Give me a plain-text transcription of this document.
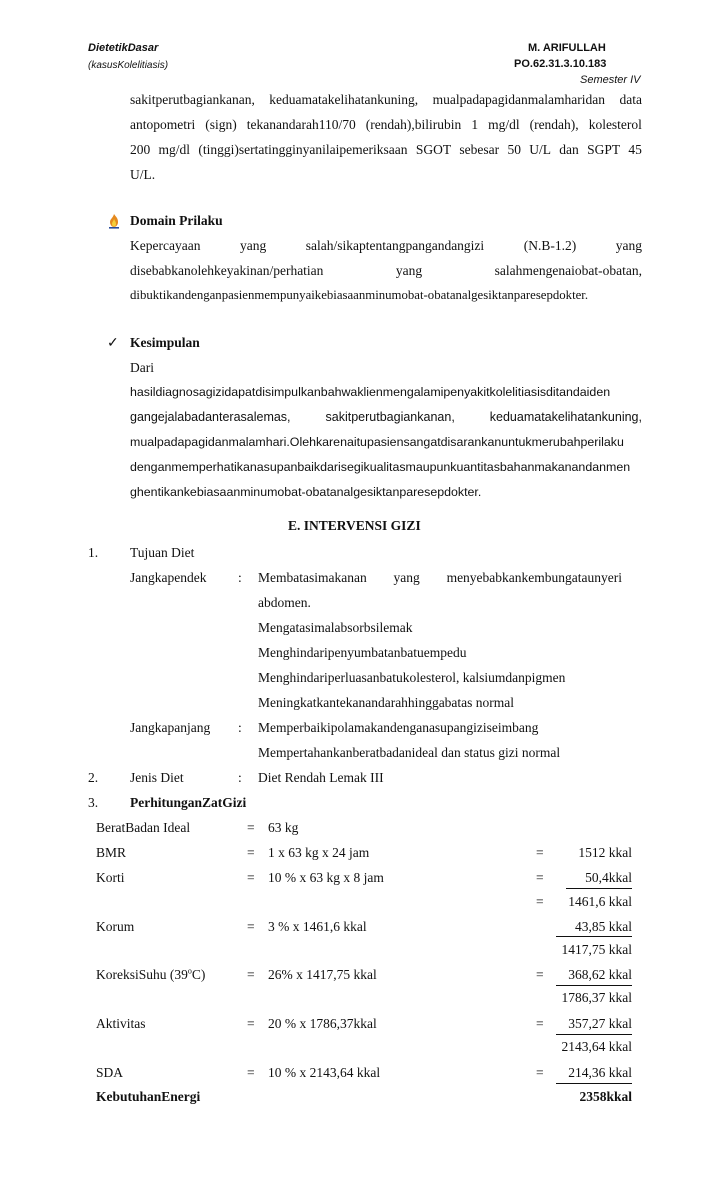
DietetikDasar
(kasusKolelitiasis)
M. ARIFULLAH
PO.62.31.3.10.183
Semester IV
sakitperutbagiankanan, keduamatakelihatankuning, mualpadapagidanmalamharidan data
antopometri (sign) tekanandarah110/70 (rendah),bilirubin 1 mg/dl (rendah), kolesterol
200 mg/dl (tinggi)sertatingginyanilaipemeriksaan SGOT sebesar 50 U/L dan SGPT 45
U/L.
Domain Prilaku
Kepercayaan	yang	salah/sikaptentangpangandangizi	(N.B-1.2)	yang
disebabkanolehkeyakinan/perhatian	yang	salahmengenaiobat-obatan,
dibuktikandenganpasienmempunyaikebiasaanminumobat-obatanalgesiktanparesepdokter.
✓ Kesimpulan
Dari
hasildiagnosagizidapatdisimpulkanbahwaklienmengalamipenyakitkolelitiasisditandaiden
gangejalabadanterasalemas,	sakitperutbagiankanan,	keduamatakelihatankuning,
mualpadapagidanmalamhari.Olehkarenaitupasiensangatdisarankanuntukmerubahperilaku
denganmemperhatikanasupanbaikdarisegikualitasmaupunkuantitasbahanmakanandanmen
ghentikankebiasaanminumobat-obatanalgesiktanparesepdokter.
E. INTERVENSI GIZI
1. Tujuan Diet
Jangkapendek : Membatasimakanan yang menyebabkankembungataunyeri
abdomen.
Mengatasimalabsorbsilemak
Menghindaripenyumbatanbatuempedu
Menghindariperluasanbatukolesterol, kalsiumdanpigmen
Meningkatkantekanandarahhinggabatas normal
Jangkapanjang : Memperbaikipolamakandenganasupangiziseimbang
Mempertahankanberatbadanideal dan status gizi normal
2. Jenis Diet	: Diet Rendah Lemak III
3. PerhitunganZatGizi
BeratBadan Ideal	= 63 kg
BMR	= 1 x 63 kg x 24 jam	=	1512 kkal
Korti	= 10 % x 63 kg x 8 jam	=	50,4kkal
=	1461,6 kkal
Korum	= 3 % x 1461,6 kkal	43,85 kkal
1417,75 kkal
KoreksiSuhu $(39^oC)$	= 26% x 1417,75 kkal	=	368,62 kkal
1786,37 kkal
Aktivitas	= 20 % x 1786,37kkal	=	357,27 kkal
2143,64 kkal
SDA	= 10 % x 2143,64 kkal	=	214,36 kkal
KebutuhanEnergi	2358kkal
